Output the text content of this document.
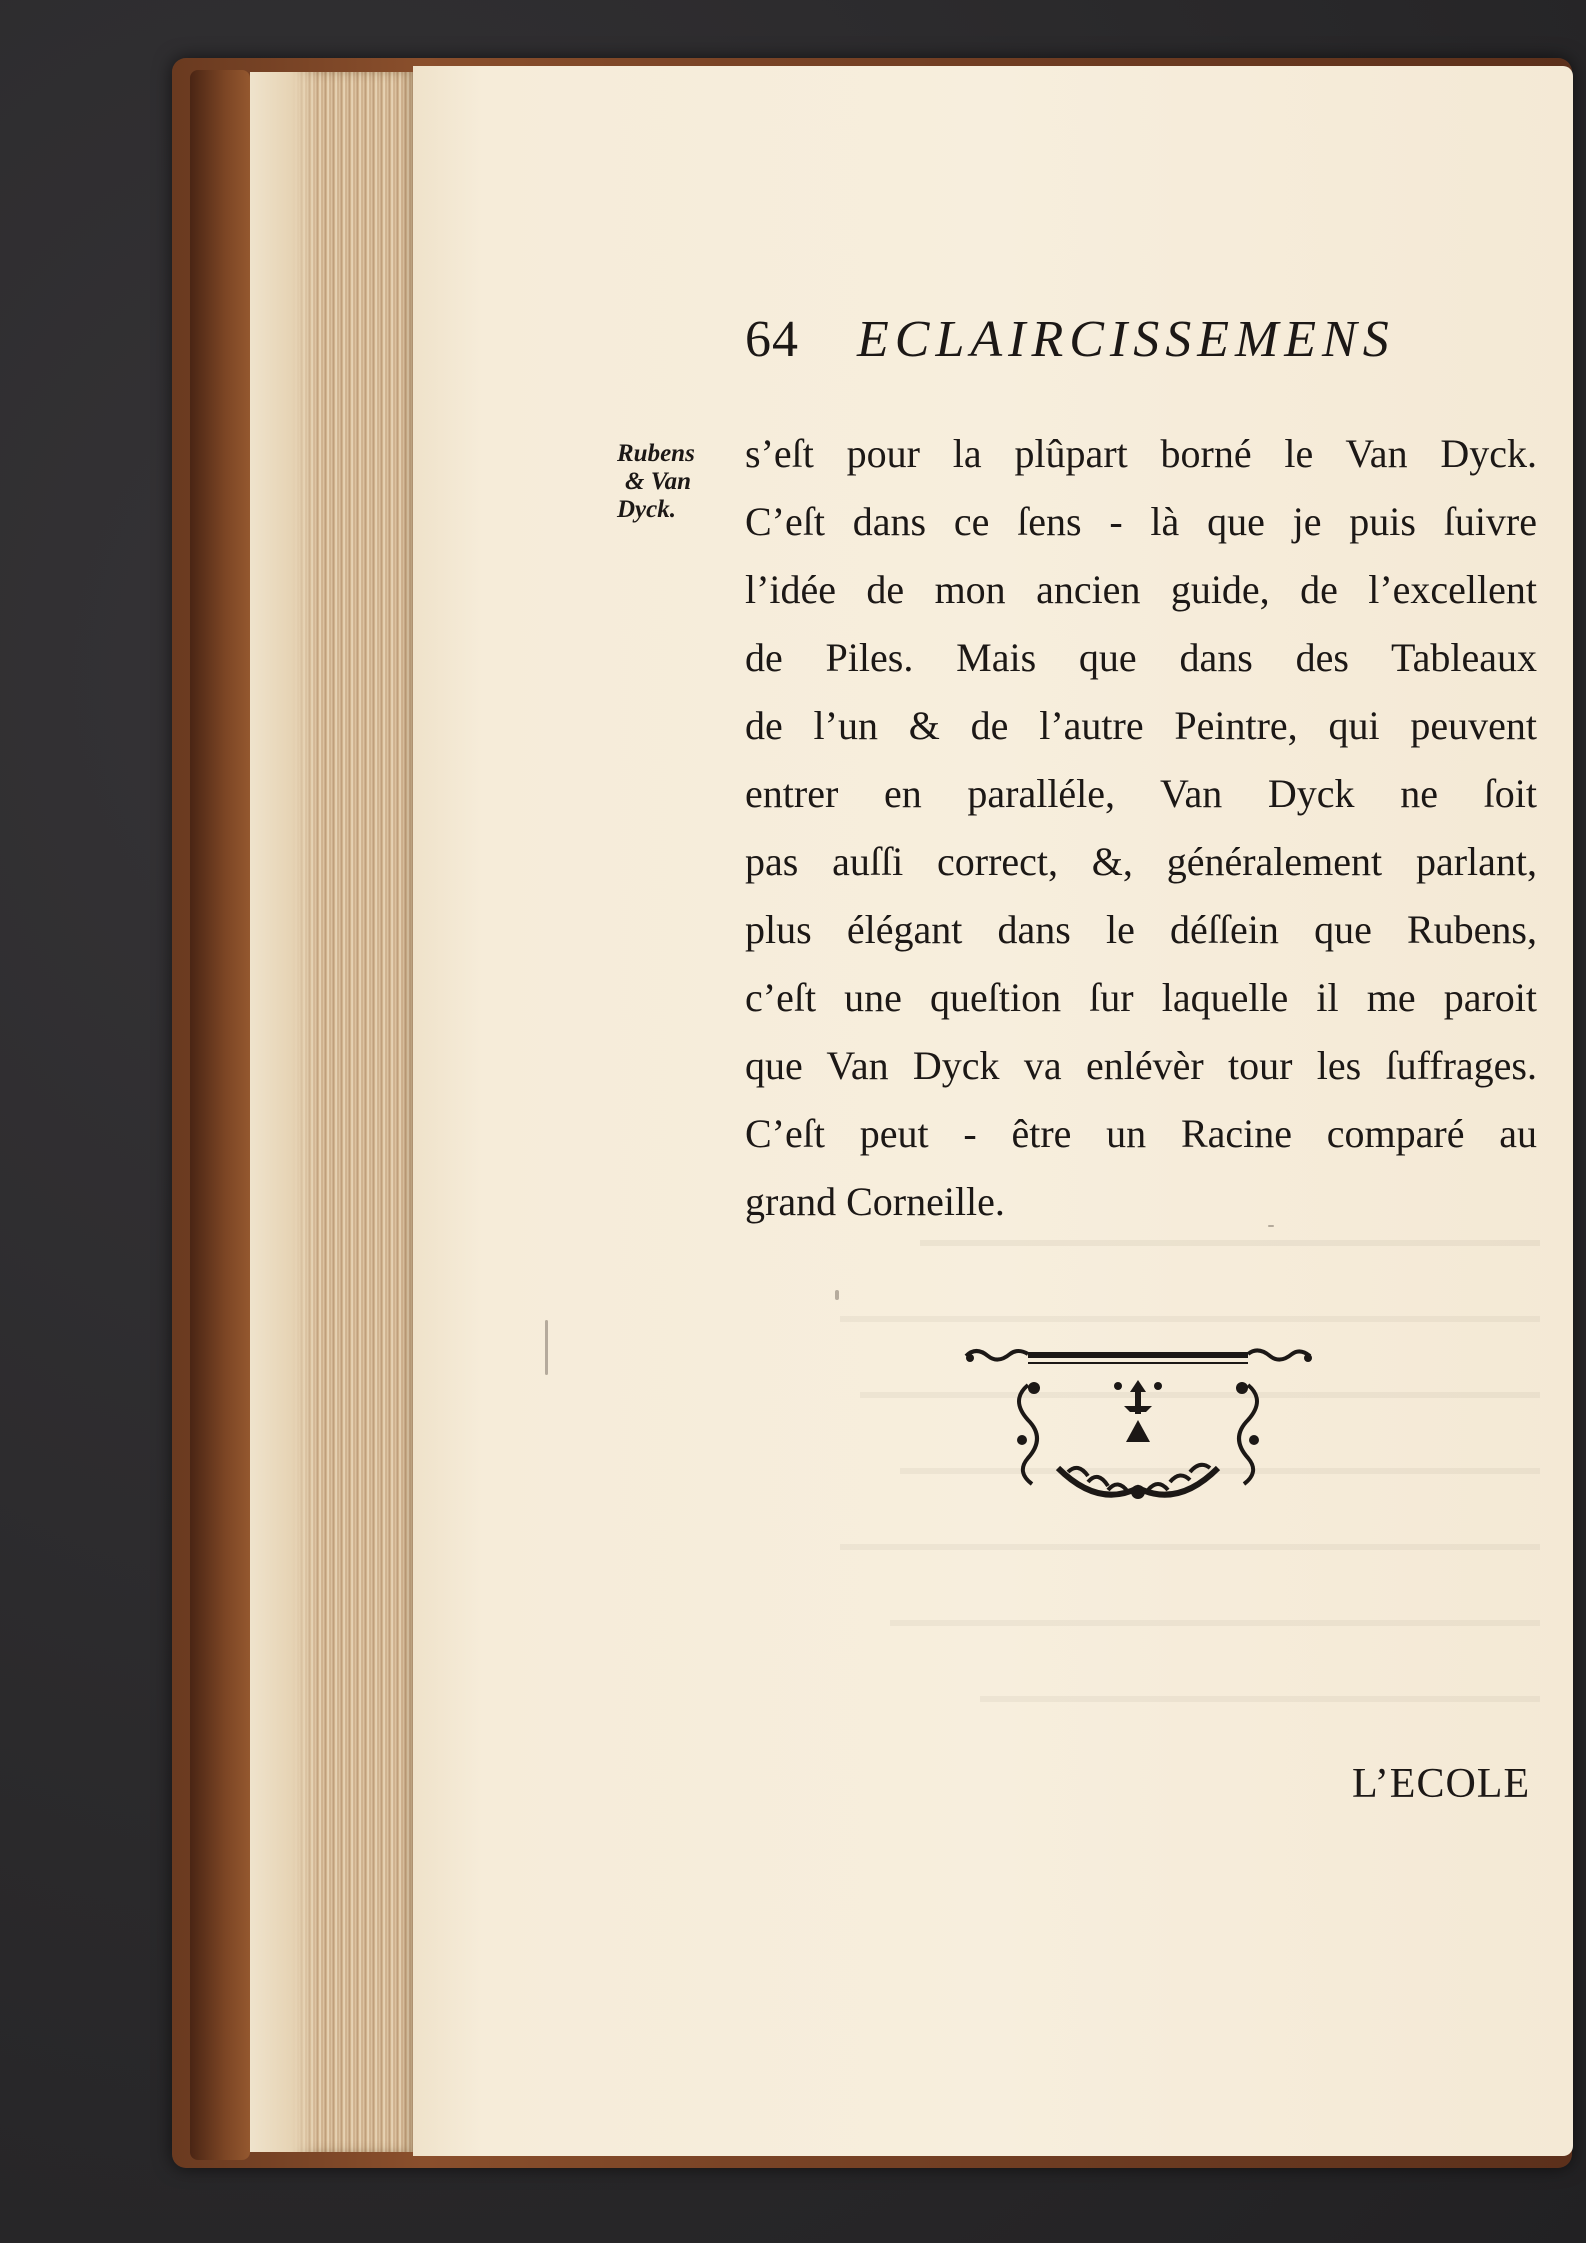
64 ECLAIRCISSEMENS
Rubens
& Van
Dyck.
s’eſt pour la plûpart borné le Van Dyck.
C’eſt dans ce ſens - là que je puis ſuivre
l’idée de mon ancien guide, de l’excellent
de Piles. Mais que dans des Tableaux
de l’un & de l’autre Peintre, qui peuvent
entrer en paralléle, Van Dyck ne ſoit
pas auſſi correct, &, généralement parlant,
plus élégant dans le déſſein que Rubens,
c’eſt une queſtion ſur laquelle il me paroit
que Van Dyck va enlévèr tour les ſuffrages.
C’eſt peut - être un Racine comparé au
grand Corneille.
L’ECOLE
